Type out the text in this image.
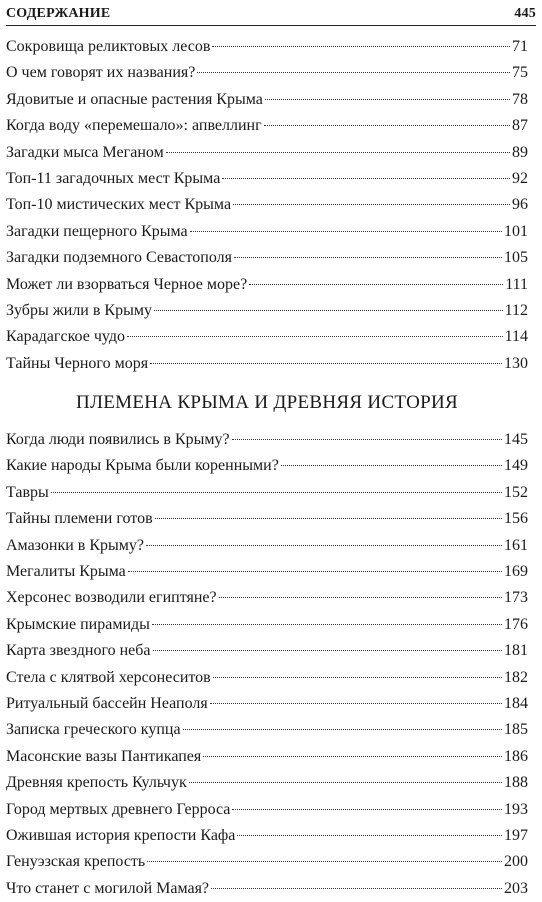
СОДЕРЖАНИЕ	445
Сокровища реликтовых лесов	71
О чем говорят их названия?	75
Ядовитые и опасные растения Крыма	78
Когда воду «перемешало»: апвеллинг	87
Загадки мыса Меганом	89
Топ-11 загадочных мест Крыма	92
Топ-10 мистических мест Крыма	96
Загадки пещерного Крыма	101
Загадки подземного Севастополя	105
Может ли взорваться Черное море?	111
Зубры жили в Крыму	112
Карадагское чудо	114
Тайны Черного моря	130
ПЛЕМЕНА КРЫМА И ДРЕВНЯЯ ИСТОРИЯ
Когда люди появились в Крыму?	145
Какие народы Крыма были коренными?	149
Тавры	152
Тайны племени готов	156
Амазонки в Крыму?	161
Мегалиты Крыма	169
Херсонес возводили египтяне?	173
Крымские пирамиды	176
Карта звездного неба	181
Стела с клятвой херсонеситов	182
Ритуальный бассейн Неаполя	184
Записка греческого купца	185
Масонские вазы Пантикапея	186
Древняя крепость Кульчук	188
Город мертвых древнего Герроса	193
Ожившая история крепости Кафа	197
Генуэзская крепость	200
Что станет с могилой Мамая?	203
